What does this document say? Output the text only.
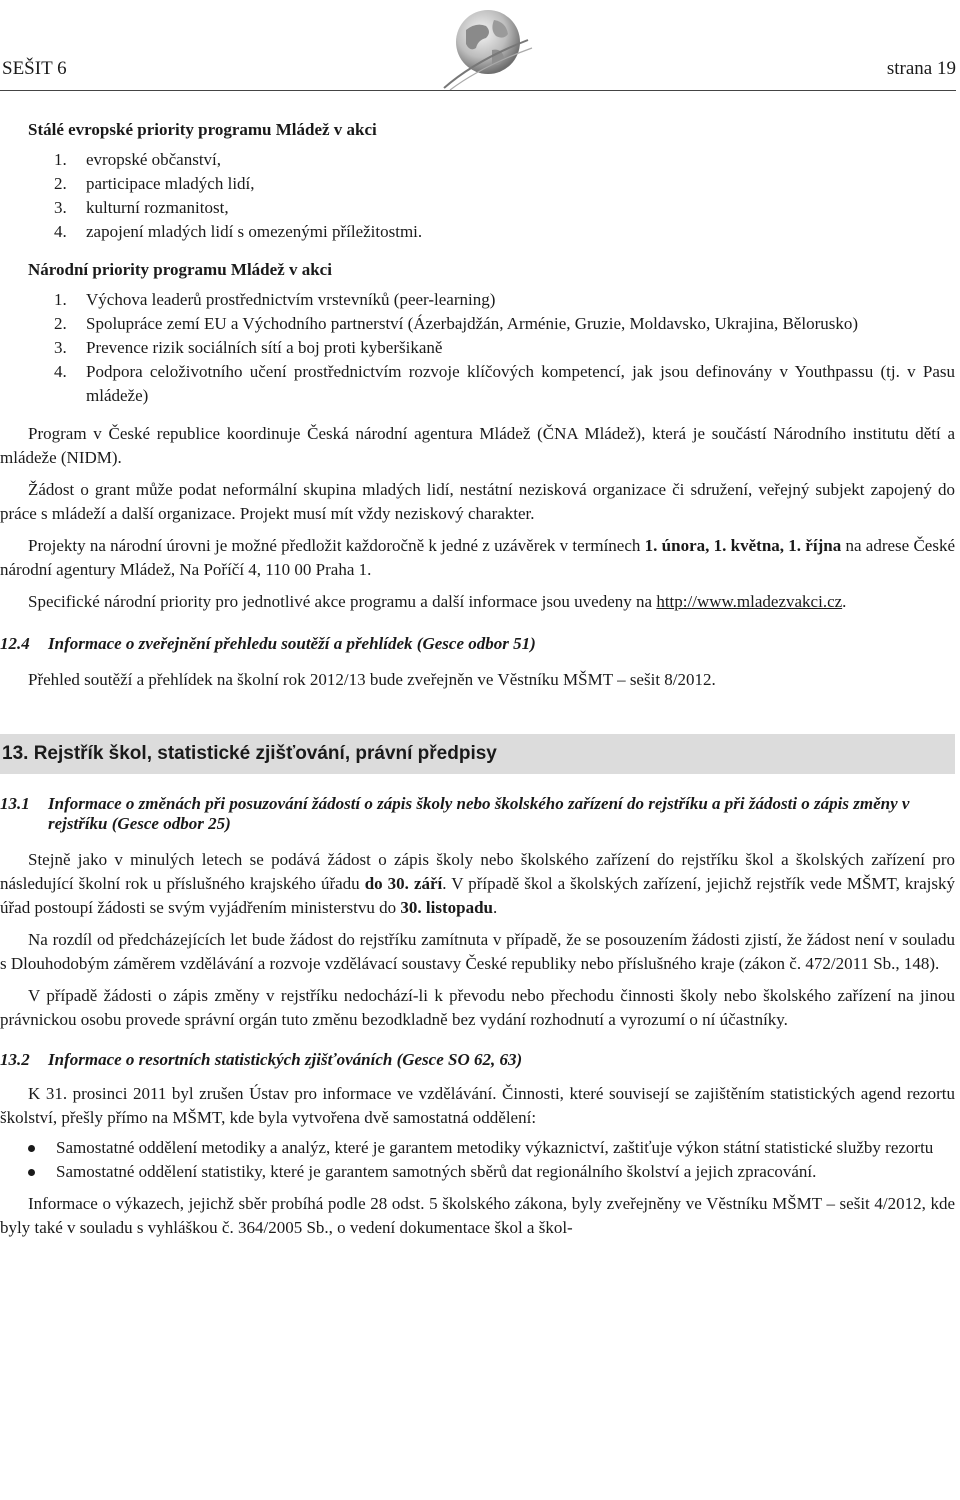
SEŠIT 6	strana 19

Stálé evropské priority programu Mládež v akci

1. evropské občanství,
2. participace mladých lidí,
3. kulturní rozmanitost,
4. zapojení mladých lidí s omezenými příležitostmi.

Národní priority programu Mládež v akci

1. Výchova leaderů prostřednictvím vrstevníků (peer-learning)
2. Spolupráce zemí EU a Východního partnerství (Ázerbajdžán, Arménie, Gruzie, Moldavsko, Ukrajina, Bělorusko)
3. Prevence rizik sociálních sítí a boj proti kyberšikaně
4. Podpora celoživotního učení prostřednictvím rozvoje klíčových kompetencí, jak jsou definovány v Youthpassu (tj. v Pasu mládeže)

Program v České republice koordinuje Česká národní agentura Mládež (ČNA Mládež), která je součástí Národního institutu dětí a mládeže (NIDM).

Žádost o grant může podat neformální skupina mladých lidí, nestátní nezisková organizace či sdružení, veřejný subjekt zapojený do práce s mládeží a další organizace. Projekt musí mít vždy neziskový charakter.

Projekty na národní úrovni je možné předložit každoročně k jedné z uzávěrek v termínech 1. února, 1. května, 1. října na adrese České národní agentury Mládež, Na Poříčí 4, 110 00 Praha 1.

Specifické národní priority pro jednotlivé akce programu a další informace jsou uvedeny na http://www.mladezvakci.cz.

12.4	Informace o zveřejnění přehledu soutěží a přehlídek (Gesce odbor 51)

Přehled soutěží a přehlídek na školní rok 2012/13 bude zveřejněn ve Věstníku MŠMT – sešit 8/2012.

13. Rejstřík škol, statistické zjišťování, právní předpisy
13.1	Informace o změnách při posuzování žádostí o zápis školy nebo školského zařízení do rejstříku a při žádosti o zápis změny v rejstříku (Gesce odbor 25)

Stejně jako v minulých letech se podává žádost o zápis školy nebo školského zařízení do rejstříku škol a školských zařízení pro následující školní rok u příslušného krajského úřadu do 30. září. V případě škol a školských zařízení, jejichž rejstřík vede MŠMT, krajský úřad postoupí žádosti se svým vyjádřením ministerstvu do 30. listopadu.

Na rozdíl od předcházejících let bude žádost do rejstříku zamítnuta v případě, že se posouzením žádosti zjistí, že žádost není v souladu s Dlouhodobým záměrem vzdělávání a rozvoje vzdělávací soustavy České republiky nebo příslušného kraje (zákon č. 472/2011 Sb., 148).

V případě žádosti o zápis změny v rejstříku nedochází-li k převodu nebo přechodu činnosti školy nebo školského zařízení na jinou právnickou osobu provede správní orgán tuto změnu bezodkladně bez vydání rozhodnutí a vyrozumí o ní účastníky.

13.2	Informace o resortních statistických zjišťováních (Gesce SO 62, 63)

K 31. prosinci 2011 byl zrušen Ústav pro informace ve vzdělávání. Činnosti, které souvisejí se zajištěním statistických agend rezortu školství, přešly přímo na MŠMT, kde byla vytvořena dvě samostatná oddělení:

Samostatné oddělení metodiky a analýz, které je garantem metodiky výkaznictví, zaštiťuje výkon státní statistické služby rezortu
Samostatné oddělení statistiky, které je garantem samotných sběrů dat regionálního školství a jejich zpracování.

Informace o výkazech, jejichž sběr probíhá podle 28 odst. 5 školského zákona, byly zveřejněny ve Věstníku MŠMT – sešit 4/2012, kde byly také v souladu s vyhláškou č. 364/2005 Sb., o vedení dokumentace škol a škol-
